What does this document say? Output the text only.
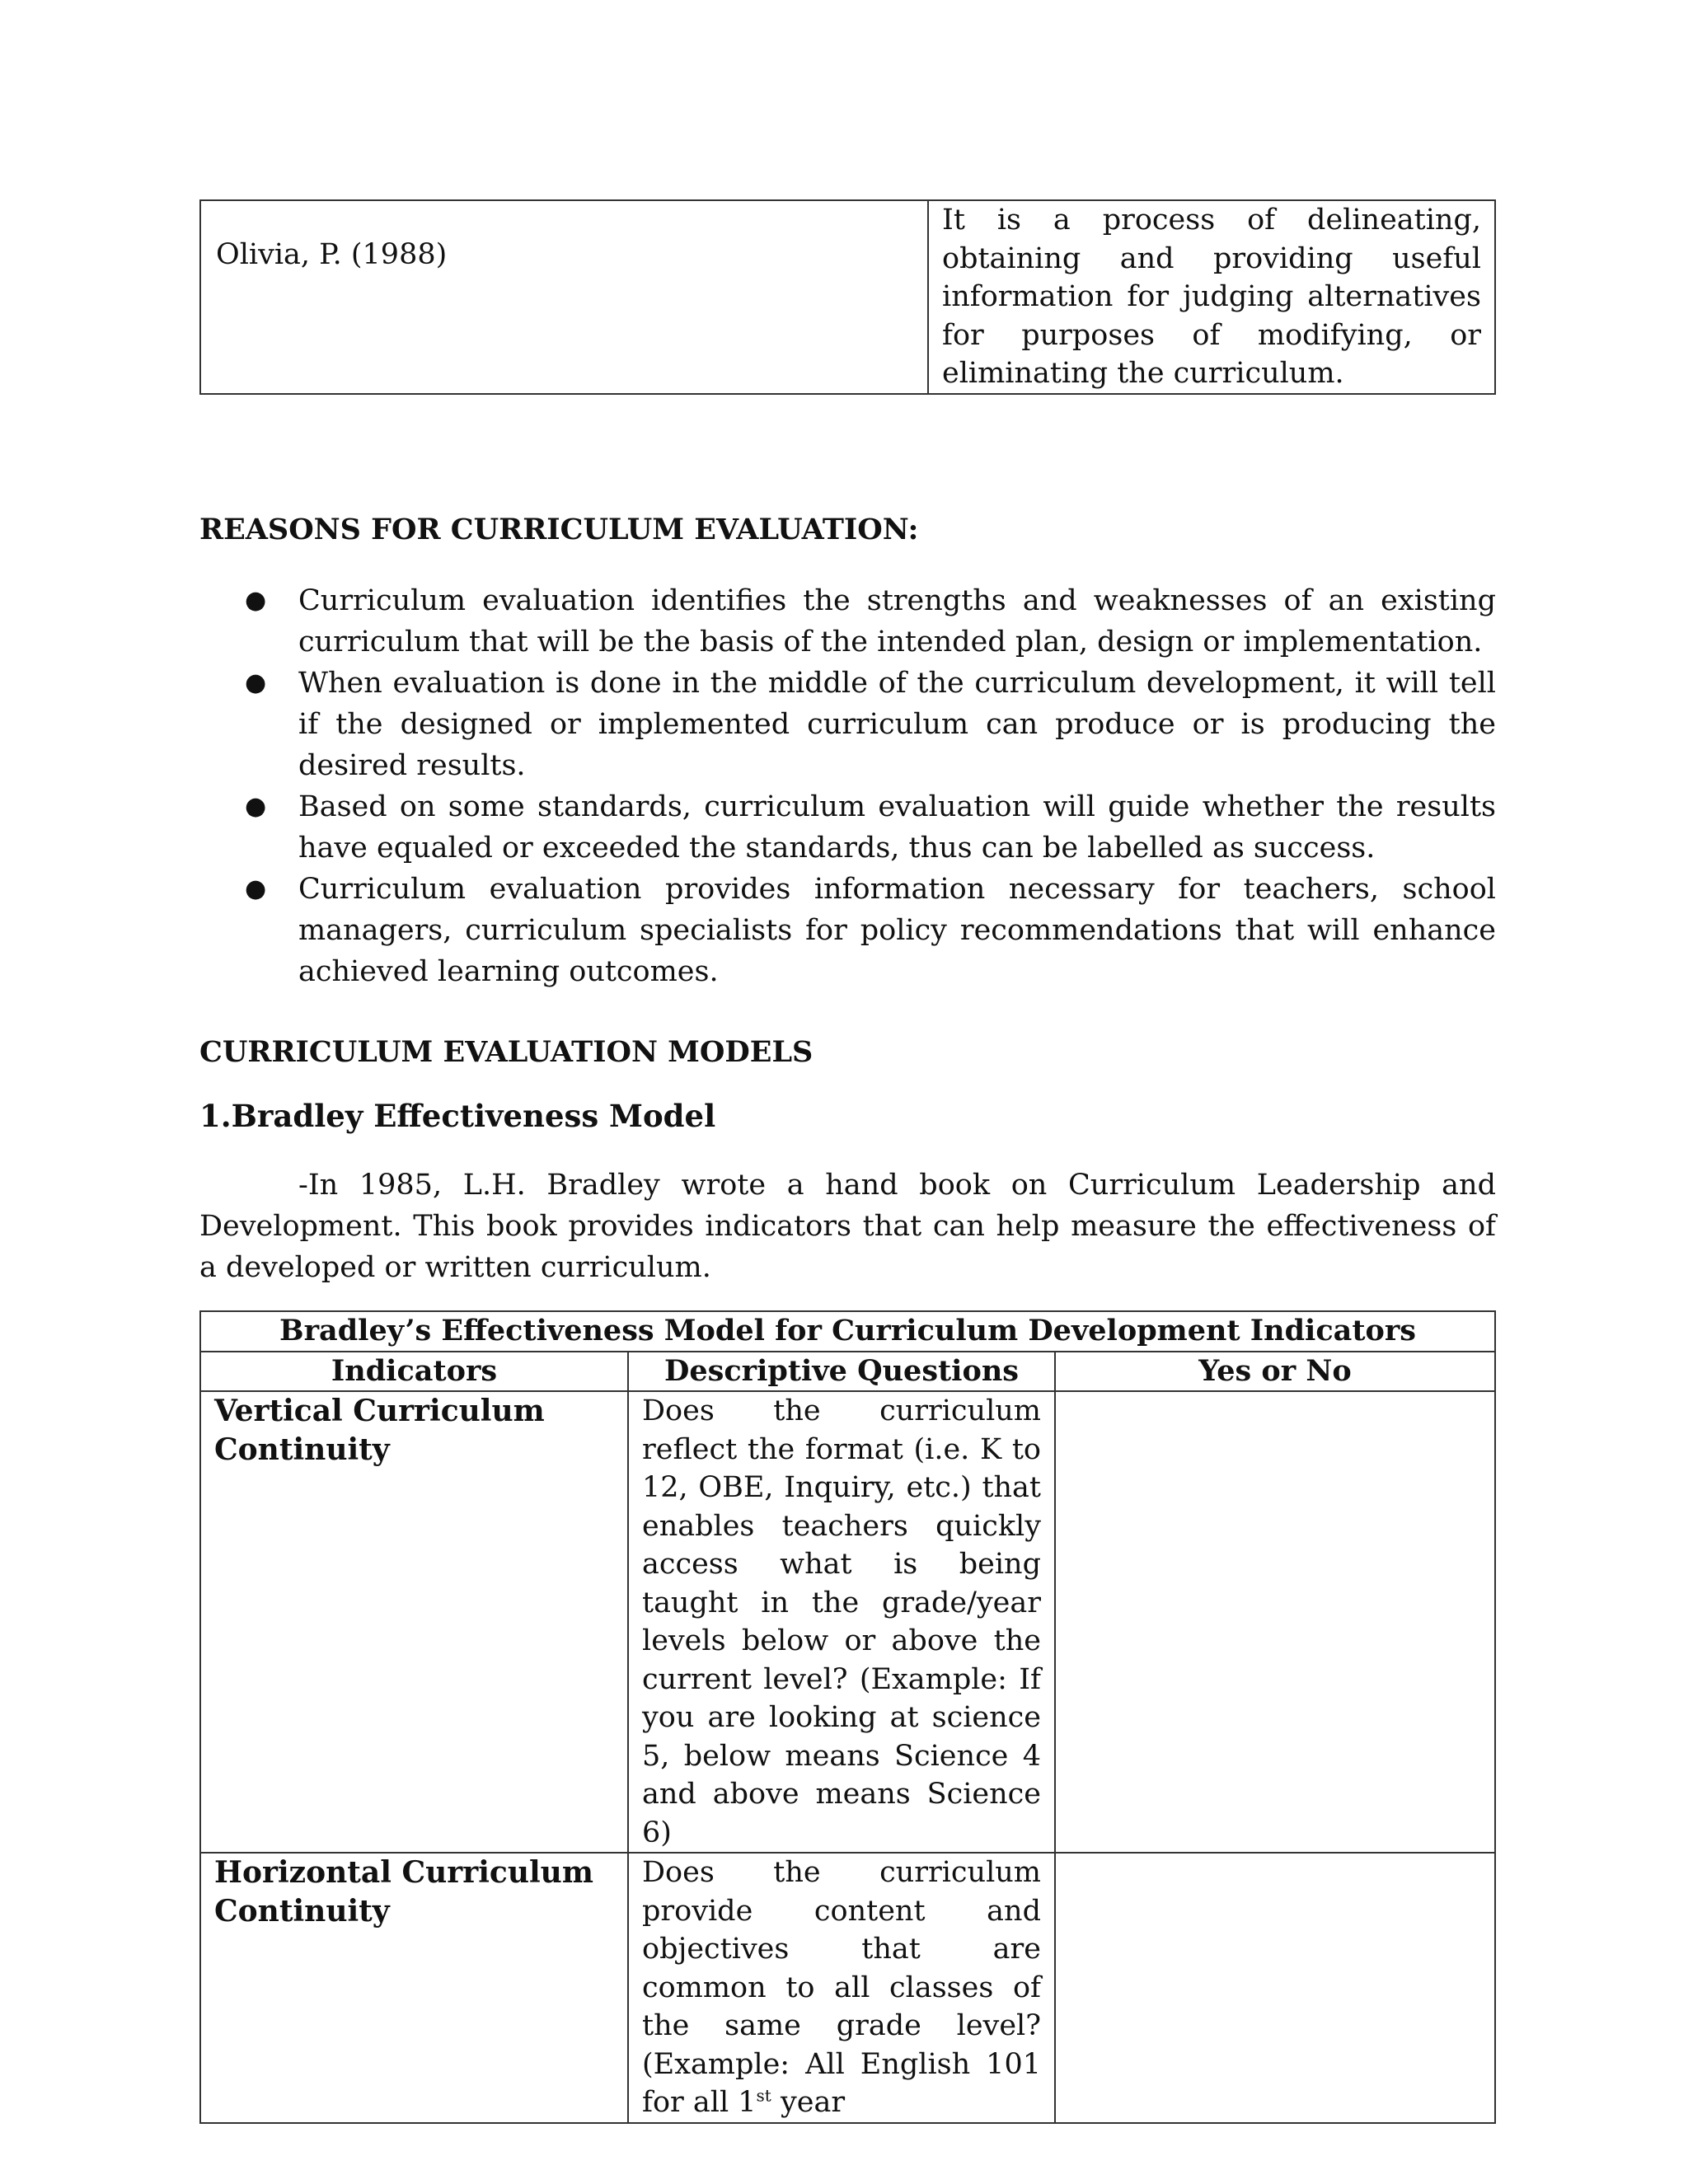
Olivia, P. (1988)	It is a process of delineating, obtaining and providing useful information for judging alternatives for purposes of modifying, or eliminating the curriculum.
REASONS FOR CURRICULUM EVALUATION:
● Curriculum evaluation identifies the strengths and weaknesses of an existing curriculum that will be the basis of the intended plan, design or implementation.
● When evaluation is done in the middle of the curriculum development, it will tell if the designed or implemented curriculum can produce or is producing the desired results.
● Based on some standards, curriculum evaluation will guide whether the results have equaled or exceeded the standards, thus can be labelled as success.
● Curriculum evaluation provides information necessary for teachers, school managers, curriculum specialists for policy recommendations that will enhance achieved learning outcomes.
CURRICULUM EVALUATION MODELS
1.Bradley Effectiveness Model

-In 1985, L.H. Bradley wrote a hand book on Curriculum Leadership and Development. This book provides indicators that can help measure the effectiveness of a developed or written curriculum.

Bradley’s Effectiveness Model for Curriculum Development Indicators		
Indicators	Descriptive Questions	Yes or No
Vertical Curriculum Continuity	Does the curriculum reflect the format (i.e. K to 12, OBE, Inquiry, etc.) that enables teachers quickly access what is being taught in the grade/year levels below or above the current level? (Example: If you are looking at science 5, below means Science 4 and above means Science 6)	
Horizontal Curriculum Continuity	Does the curriculum provide content and objectives that are common to all classes of the same grade level? (Example: All English 101 for all 1st year	
